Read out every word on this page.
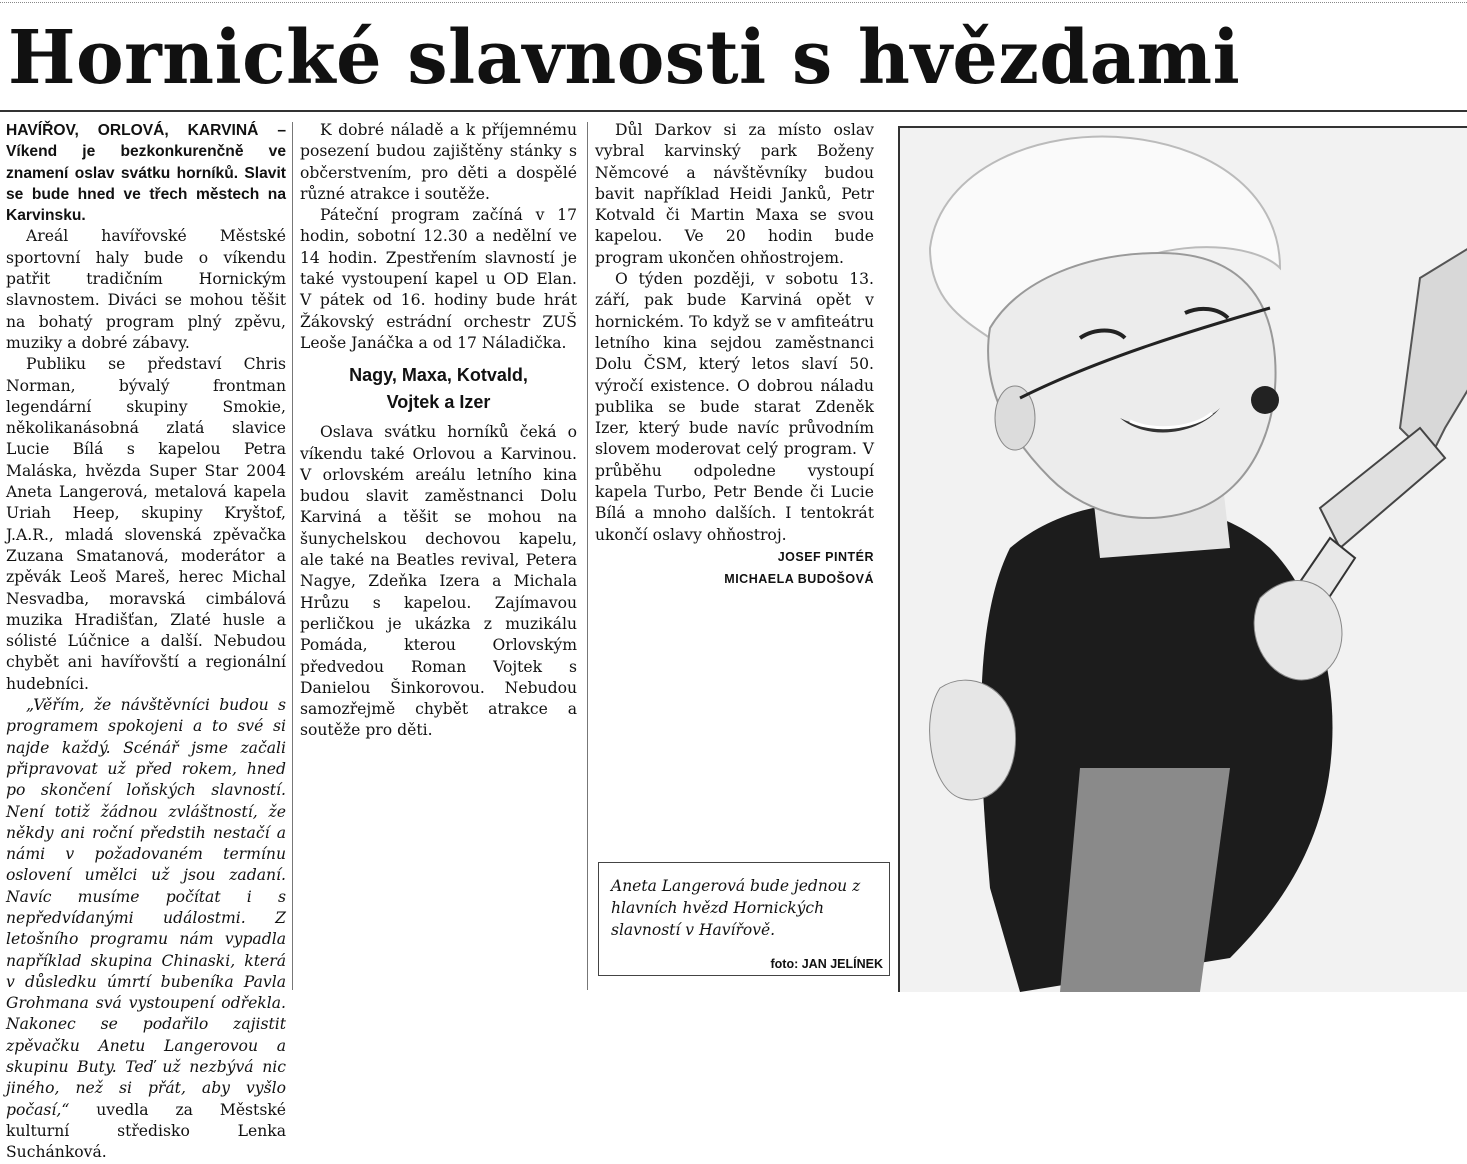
Hornické slavnosti s hvězdami

HAVÍŘOV, ORLOVÁ, KARVINÁ – Víkend je bezkonkurenčně ve znamení oslav svátku horníků. Slavit se bude hned ve třech městech na Karvinsku.

Areál havířovské Městské sportovní haly bude o víkendu patřit tradičním Hornickým slavnostem. Diváci se mohou těšit na bohatý program plný zpěvu, muziky a dobré zábavy.

Publiku se představí Chris Norman, bývalý frontman legendární skupiny Smokie, několikanásobná zlatá slavice Lucie Bílá s kapelou Petra Maláska, hvězda Super Star 2004 Aneta Langerová, metalová kapela Uriah Heep, skupiny Kryštof, J.A.R., mladá slovenská zpěvačka Zuzana Smatanová, moderátor a zpěvák Leoš Mareš, herec Michal Nesvadba, moravská cimbálová muzika Hradišťan, Zlaté husle a sólisté Lúčnice a další. Nebudou chybět ani havířovští a regionální hudebníci.

„Věřím, že návštěvníci budou s programem spokojeni a to své si najde každý. Scénář jsme začali připravovat už před rokem, hned po skončení loňských slavností. Není totiž žádnou zvláštností, že někdy ani roční předstih nestačí a námi v požadovaném termínu oslovení umělci už jsou zadaní. Navíc musíme počítat i s nepředvídanými událostmi. Z letošního programu nám vypadla například skupina Chinaski, která v důsledku úmrtí bubeníka Pavla Grohmana svá vystoupení odřekla. Nakonec se podařilo zajistit zpěvačku Anetu Langerovou a skupinu Buty. Teď už nezbývá nic jiného, než si přát, aby vyšlo počasí,“ uvedla za Městské kulturní středisko Lenka Suchánková.

K dobré náladě a k příjemnému posezení budou zajištěny stánky s občerstvením, pro děti a dospělé různé atrakce i soutěže.

Páteční program začíná v 17 hodin, sobotní 12.30 a nedělní ve 14 hodin. Zpestřením slavností je také vystoupení kapel u OD Elan. V pátek od 16. hodiny bude hrát Žákovský estrádní orchestr ZUŠ Leoše Janáčka a od 17 Náladička.

Nagy, Maxa, Kotvald,
Vojtek a Izer

Oslava svátku horníků čeká o víkendu také Orlovou a Karvinou. V orlovském areálu letního kina budou slavit zaměstnanci Dolu Karviná a těšit se mohou na šunychelskou dechovou kapelu, ale také na Beatles revival, Petera Nagye, Zdeňka Izera a Michala Hrůzu s kapelou. Zajímavou perličkou je ukázka z muzikálu Pomáda, kterou Orlovským předvedou Roman Vojtek s Danielou Šinkorovou. Nebudou samozřejmě chybět atrakce a soutěže pro děti.

Důl Darkov si za místo oslav vybral karvinský park Boženy Němcové a návštěvníky budou bavit například Heidi Janků, Petr Kotvald či Martin Maxa se svou kapelou. Ve 20 hodin bude program ukončen ohňostrojem.

O týden později, v sobotu 13. září, pak bude Karviná opět v hornickém. To když se v amfiteátru letního kina sejdou zaměstnanci Dolu ČSM, který letos slaví 50. výročí existence. O dobrou náladu publika se bude starat Zdeněk Izer, který bude navíc průvodním slovem moderovat celý program. V průběhu odpoledne vystoupí kapela Turbo, Petr Bende či Lucie Bílá a mnoho dalších. I tentokrát ukončí oslavy ohňostroj.

JOSEF PINTÉR

MICHAELA BUDOŠOVÁ

Aneta Langerová bude jednou z hlavních hvězd Hornických slavností v Havířově.
foto: JAN JELÍNEK
